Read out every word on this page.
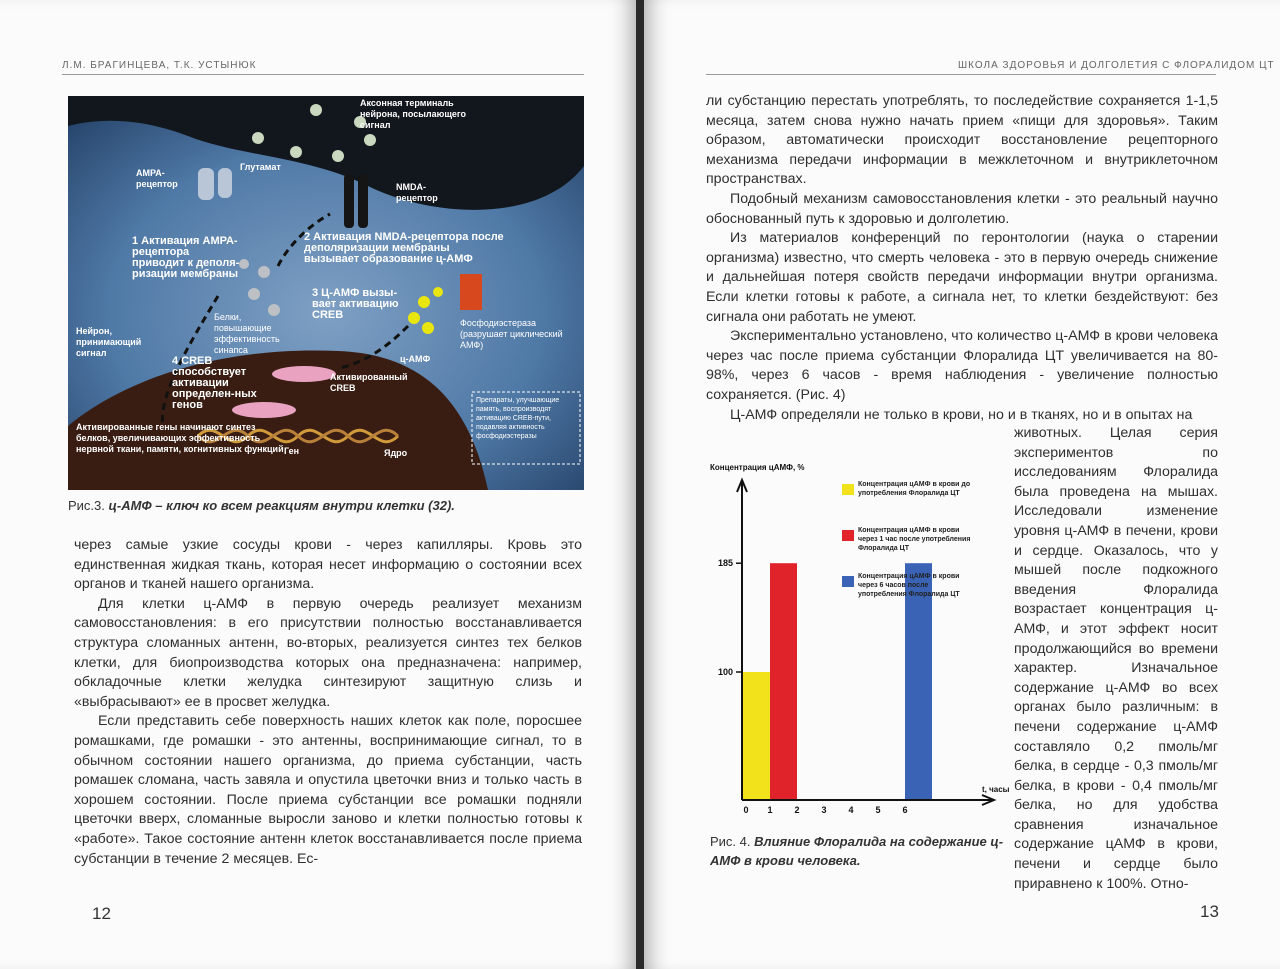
Л.М. БРАГИНЦЕВА, Т.К. УСТЫНЮК
Аксонная терминаль нейрона, посылающего сигнал
Глутамат
АМРА-рецептор	NMDA-рецептор
1 Активация АМРА-рецептора приводит к деполя-ризации мембраны
2 Активация NMDA-рецептора после деполяризации мембраны вызывает образование ц-АМФ
3 Ц-АМФ вызы-вает активацию CREB
Нейрон, принимающий сигнал
Белки, повышающие эффективность синапса
Фосфодиэстераза (разрушает циклический АМФ)
4 CREB способствует активации определен-ных генов
ц-АМФ
Активированный CREB
Препараты, улучшающие память, воспроизводят активацию CREB-пути, подавляя активность фосфодиэстеразы
Активированные гены начинают синтез белков, увеличивающих эффективность нервной ткани, памяти, когнитивных функций Ген	Ядро
Рис.3. ц-АМФ – ключ ко всем реакциям внутри клетки (32).

через самые узкие сосуды крови - через капилляры. Кровь это единственная жидкая ткань, которая несет информацию о состоянии всех органов и тканей нашего организма.

Для клетки ц-АМФ в первую очередь реализует механизм самовосстановления: в его присутствии полностью восстанавливается структура сломанных антенн, во-вторых, реализуется синтез тех белков клетки, для биопроизводства которых она предназначена: например, обкладочные клетки желудка синтезируют защитную слизь и «выбрасывают» ее в просвет желудка.

Если представить себе поверхность наших клеток как поле, поросшее ромашками, где ромашки - это антенны, воспринимающие сигнал, то в обычном состоянии нашего организма, до приема субстанции, часть ромашек сломана, часть завяла и опустила цветочки вниз и только часть в хорошем состоянии. После приема субстанции все ромашки подняли цветочки вверх, сломанные выросли заново и клетки полностью готовы к «работе». Такое состояние антенн клеток восстанавливается после приема субстанции в течение 2 месяцев. Ес-

12
ШКОЛА ЗДОРОВЬЯ И ДОЛГОЛЕТИЯ С ФЛОРАЛИДОМ ЦТ

ли субстанцию перестать употреблять, то последействие сохраняется 1-1,5 месяца, затем снова нужно начать прием «пищи для здоровья». Таким образом, автоматически происходит восстановление рецепторного механизма передачи информации в межклеточном и внутриклеточном пространствах.

Подобный механизм самовосстановления клетки - это реальный научно обоснованный путь к здоровью и долголетию.

Из материалов конференций по геронтологии (наука о старении организма) известно, что смерть человека - это в первую очередь снижение и дальнейшая потеря свойств передачи информации внутри организма. Если клетки готовы к работе, а сигнала нет, то клетки бездействуют: без сигнала они работать не умеют.

Экспериментально установлено, что количество ц-АМФ в крови человека через час после приема субстанции Флоралида ЦТ увеличивается на 80-98%, через 6 часов - время наблюдения - увеличение полностью сохраняется. (Рис. 4)

Ц-АМФ определяли не только в крови, но и в тканях, но и в опытах на

животных. Целая серия экспериментов по исследованиям Флоралида была проведена на мышах. Исследовали изменение уровня ц-АМФ в печени, крови и сердце. Оказалось, что у мышей после подкожного введения Флоралида возрастает концентрация ц-АМФ, и этот эффект носит продолжающийся во времени характер. Изначальное содержание ц-АМФ во всех органах было различным: в печени содержание ц-АМФ составляло 0,2 пмоль/мг белка, в сердце - 0,3 пмоль/мг белка, в крови - 0,4 пмоль/мг белка, но для удобства сравнения изначальное содержание цАМФ в крови, печени и сердце было приравнено к 100%. Отно-
Рис. 4. Влияние Флоралида на содержание ц-АМФ в крови человека.
13
100
185
0 1 2 3 4 5 6
Концентрация цАМФ, %
t, часы
Концентрация цАМФ в крови до употребления Флоралида ЦТ
Концентрация цАМФ в крови через 1 час после употребления Флоралида ЦТ
Концентрация цАМФ в крови через 6 часов после употребления Флоралида ЦТ
